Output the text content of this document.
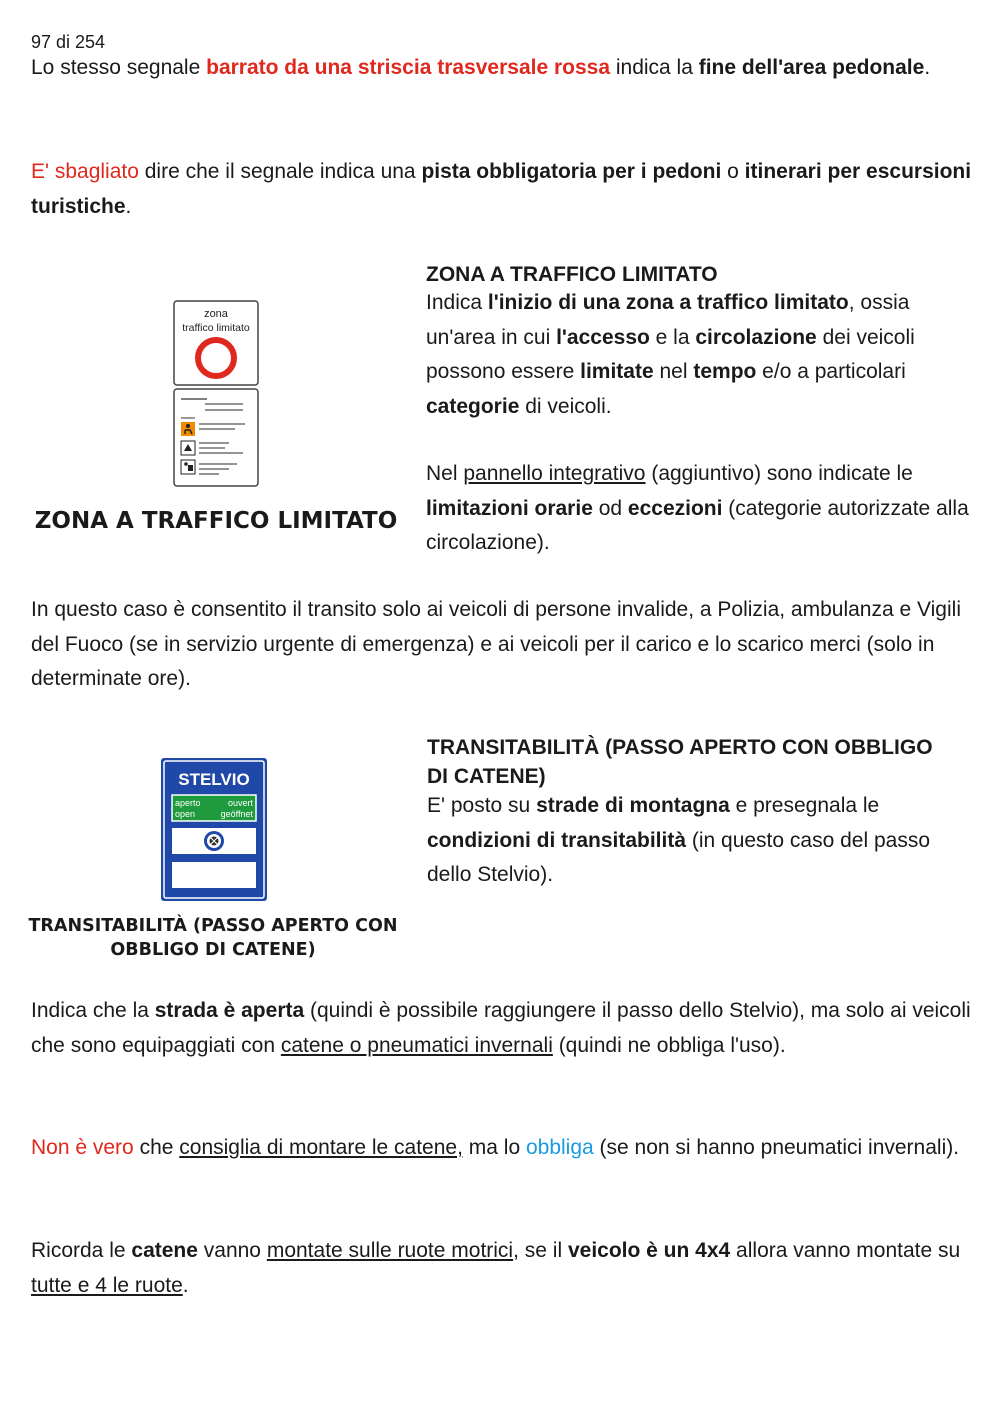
97 di 254

Lo stesso segnale barrato da una striscia trasversale rossa indica la fine dell'area pedonale.

E' sbagliato dire che il segnale indica una pista obbligatoria per i pedoni o itinerari per escursioni turistiche.

zona
traffico limitato
ZONA A TRAFFICO LIMITATO
ZONA A TRAFFICO LIMITATO

Indica l'inizio di una zona a traffico limitato, ossia un'area in cui l'accesso e la circolazione dei veicoli possono essere limitate nel tempo e/o a particolari categorie di veicoli.

Nel pannello integrativo (aggiuntivo) sono indicate le limitazioni orarie od eccezioni (categorie autorizzate alla circolazione).

In questo caso è consentito il transito solo ai veicoli di persone invalide, a Polizia, ambulanza e Vigili del Fuoco (se in servizio urgente di emergenza) e ai veicoli per il carico e lo scarico merci (solo in determinate ore).

STELVIO
aperto	ouvert
open	geöffnet
TRANSITABILITÀ (PASSO APERTO CON
OBBLIGO DI CATENE)
TRANSITABILITÀ (PASSO APERTO CON OBBLIGO DI CATENE)

E' posto su strade di montagna e presegnala le condizioni di transitabilità (in questo caso del passo dello Stelvio).

Indica che la strada è aperta (quindi è possibile raggiungere il passo dello Stelvio), ma solo ai veicoli che sono equipaggiati con catene o pneumatici invernali (quindi ne obbliga l'uso).

Non è vero che consiglia di montare le catene, ma lo obbliga (se non si hanno pneumatici invernali).

Ricorda le catene vanno montate sulle ruote motrici, se il veicolo è un 4x4 allora vanno montate su tutte e 4 le ruote.
